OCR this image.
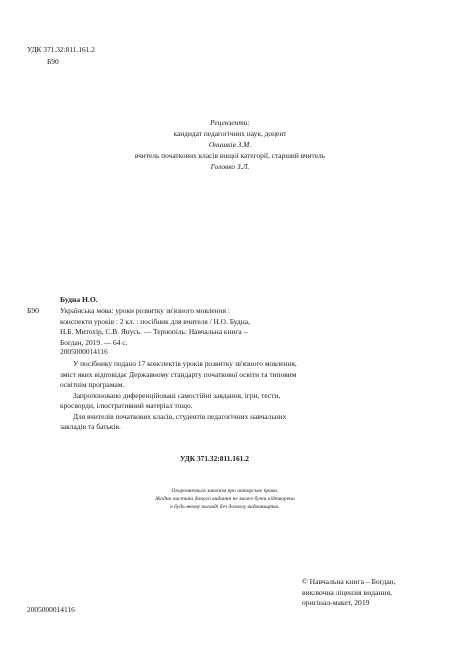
УДК 371.32:811.161.2
Б90
Рецензенти:
кандидат педагогічних наук, доцент
Онишків З.М.
вчитель початкових класів вищої категорії, старший вчитель
Головко З.Л.
Будна Н.О.
Б90	Українська мова: уроки розвитку зв'язного мовлення :
конспекти уроків : 2 кл. : посібник для вчителя / Н.О. Будна,
Н.Б. Митохір, С.В. Янусь. — Тернопіль: Навчальна книга –
Богдан, 2019. — 64 с.
2005000014116

У посібнику подано 17 конспектів уроків розвитку зв'язного мовлення, зміст яких відповідає Державному стандарту початкової освіти та типовим освітнім програмам.

Запропоновано диференційовані самостійні завдання, ігри, тести, кросворди, ілюстративний матеріал тощо.

Для вчителів початкових класів, студентів педагогічних навчальних закладів та батьків.

УДК 371.32:811.161.2
Охороняється законом про авторське право.
Жодна частина даного видання не може бути відтворена
в будь-якому вигляді без дозволу видавництва.
2005000014116
© Навчальна книга – Богдан,
виключна ліцензія видання,
оригінал-макет, 2019
